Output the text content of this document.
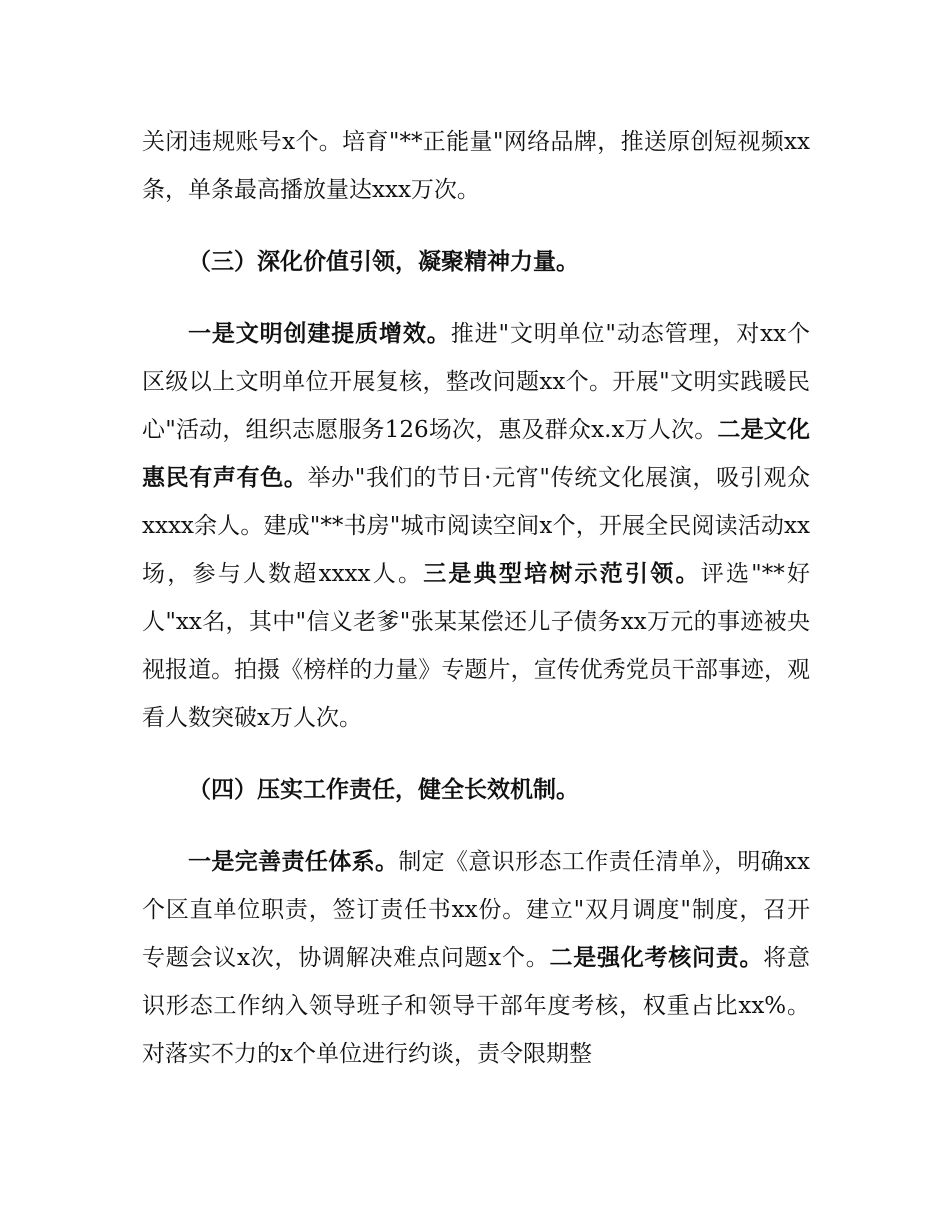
关闭违规账号x个。培育"**正能量"网络品牌，推送原创短视频xx条，单条最高播放量达xxx万次。

（三）深化价值引领，凝聚精神力量。

一是文明创建提质增效。推进"文明单位"动态管理，对xx个区级以上文明单位开展复核，整改问题xx个。开展"文明实践暖民心"活动，组织志愿服务126场次，惠及群众x.x万人次。二是文化惠民有声有色。举办"我们的节日·元宵"传统文化展演，吸引观众xxxx余人。建成"**书房"城市阅读空间x个，开展全民阅读活动xx场，参与人数超xxxx人。三是典型培树示范引领。评选"**好人"xx名，其中"信义老爹"张某某偿还儿子债务xx万元的事迹被央视报道。拍摄《榜样的力量》专题片，宣传优秀党员干部事迹，观看人数突破x万人次。

（四）压实工作责任，健全长效机制。

一是完善责任体系。制定《意识形态工作责任清单》，明确xx个区直单位职责，签订责任书xx份。建立"双月调度"制度，召开专题会议x次，协调解决难点问题x个。二是强化考核问责。将意识形态工作纳入领导班子和领导干部年度考核，权重占比xx%。对落实不力的x个单位进行约谈，责令限期整
